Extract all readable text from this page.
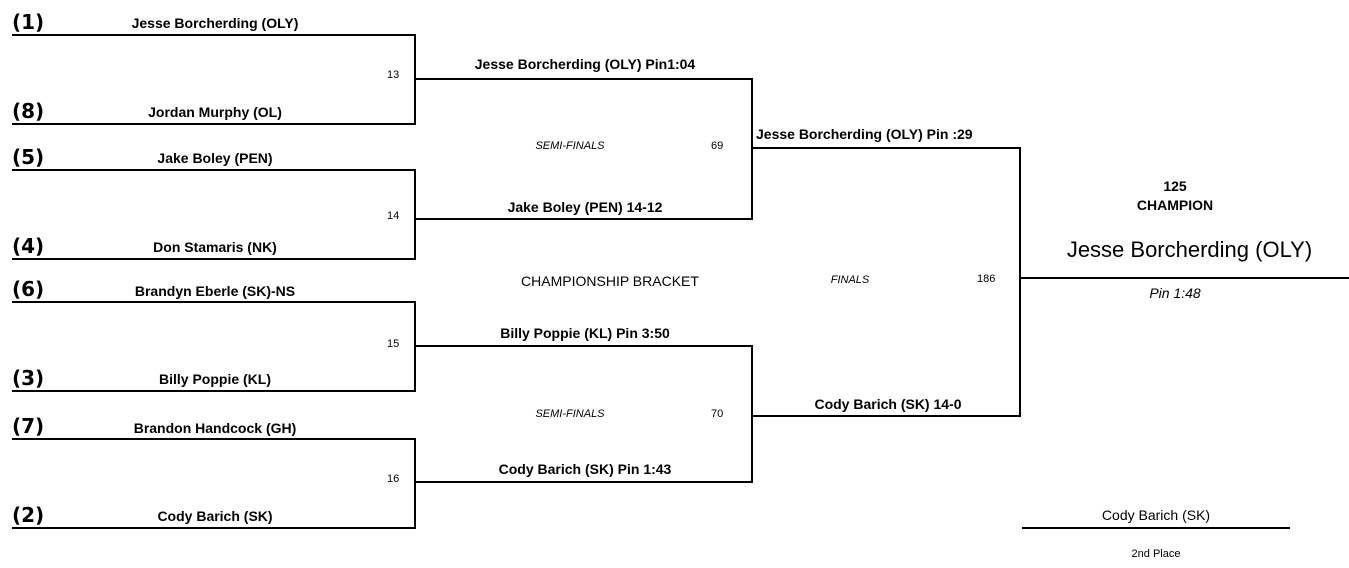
(1)	Jesse Borcherding (OLY)
13
(8)	Jordan Murphy (OL)
(5)	Jake Boley (PEN)
14
(4)	Don Stamaris (NK)
(6)	Brandyn Eberle (SK)-NS
15
(3)	Billy Poppie (KL)
(7)	Brandon Handcock (GH)
16
(2)	Cody Barich (SK)
Jesse Borcherding (OLY) Pin1:04
Jake Boley (PEN) 14-12
Billy Poppie (KL) Pin 3:50
Cody Barich (SK) Pin 1:43
SEMI-FINALS	69
SEMI-FINALS	70
CHAMPIONSHIP BRACKET
Jesse Borcherding (OLY) Pin :29
Cody Barich (SK) 14-0
FINALS	186
125
CHAMPION
Jesse Borcherding (OLY)
Pin 1:48
Cody Barich (SK)
2nd Place
